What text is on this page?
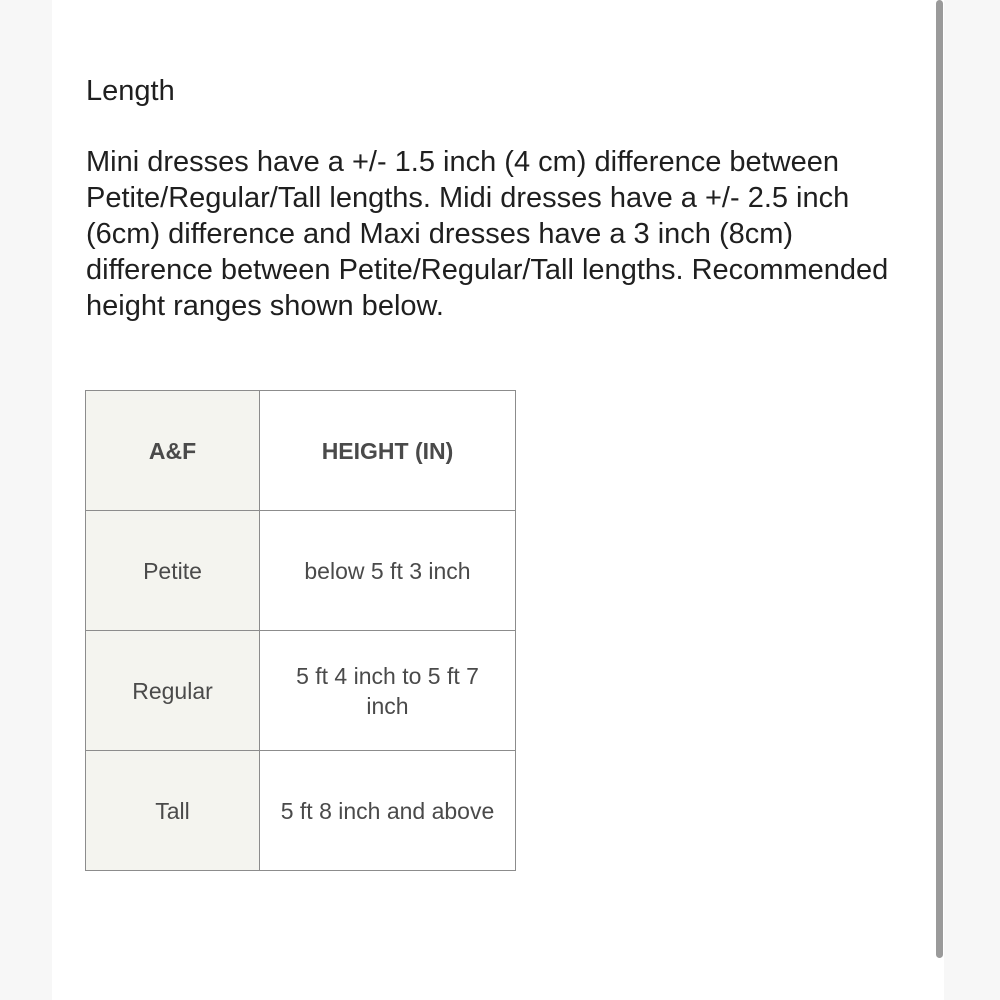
Length

Mini dresses have a +/- 1.5 inch (4 cm) difference between Petite/Regular/Tall lengths. Midi dresses have a +/- 2.5 inch (6cm) difference and Maxi dresses have a 3 inch (8cm) difference between Petite/Regular/Tall lengths. Recommended height ranges shown below.

A&F	HEIGHT (IN)
Petite	below 5 ft 3 inch
Regular	5 ft 4 inch to 5 ft 7 inch
Tall	5 ft 8 inch and above
